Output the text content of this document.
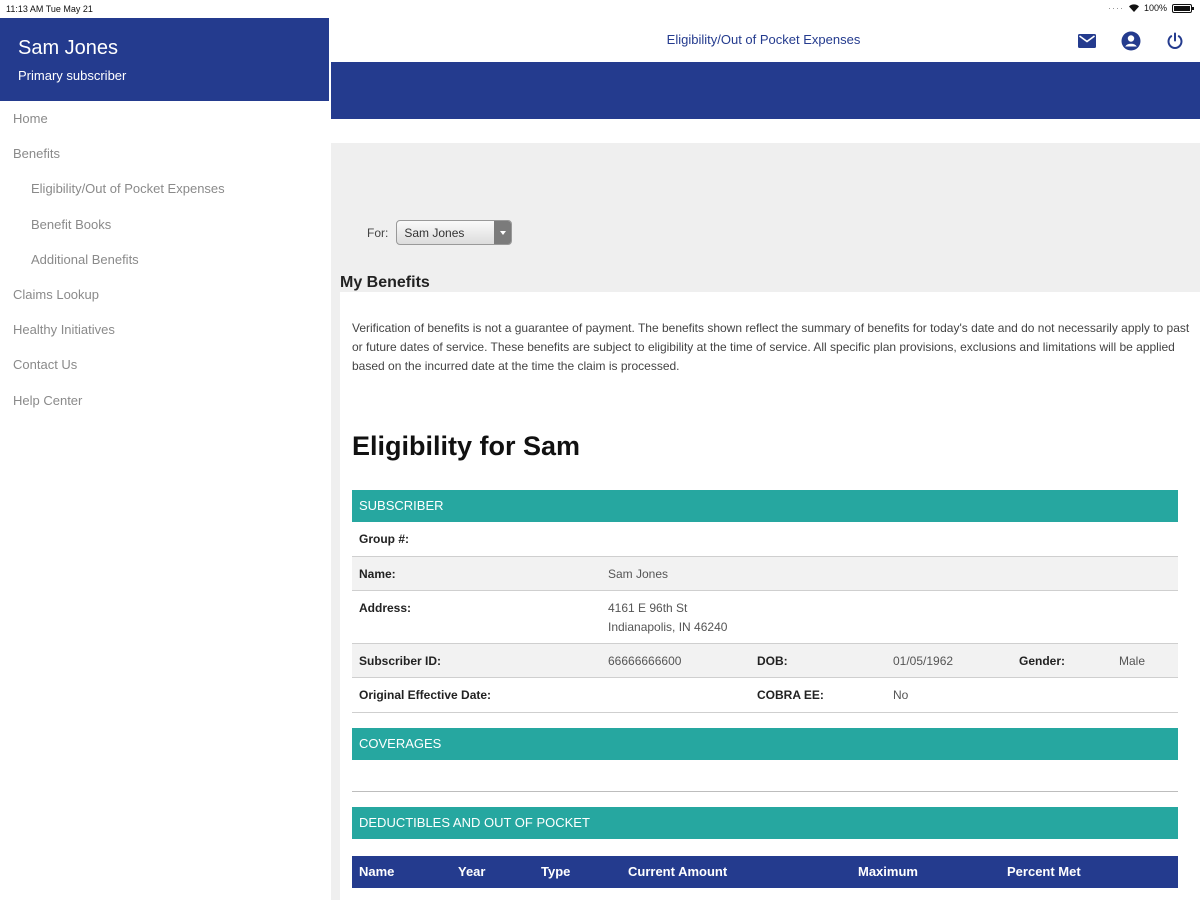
11:13 AM Tue May 21	···· 100%
Sam Jones
Primary subscriber
Home
Benefits
Eligibility/Out of Pocket Expenses
Benefit Books
Additional Benefits
Claims Lookup
Healthy Initiatives
Contact Us
Help Center
Eligibility/Out of Pocket Expenses
For: Sam Jones
My Benefits

Verification of benefits is not a guarantee of payment. The benefits shown reflect the summary of benefits for today's date and do not necessarily apply to past or future dates of service. These benefits are subject to eligibility at the time of service. All specific plan provisions, exclusions and limitations will be applied based on the incurred date at the time the claim is processed.

Eligibility for Sam
SUBSCRIBER
Group #:
Name:	Sam Jones
Address:	4161 E 96th St
Indianapolis, IN 46240
Subscriber ID:	66666666600	DOB:	01/05/1962	Gender:	Male
Original Effective Date:	COBRA EE:	No
COVERAGES
DEDUCTIBLES AND OUT OF POCKET
Name	Year	Type	Current Amount	Maximum	Percent Met
